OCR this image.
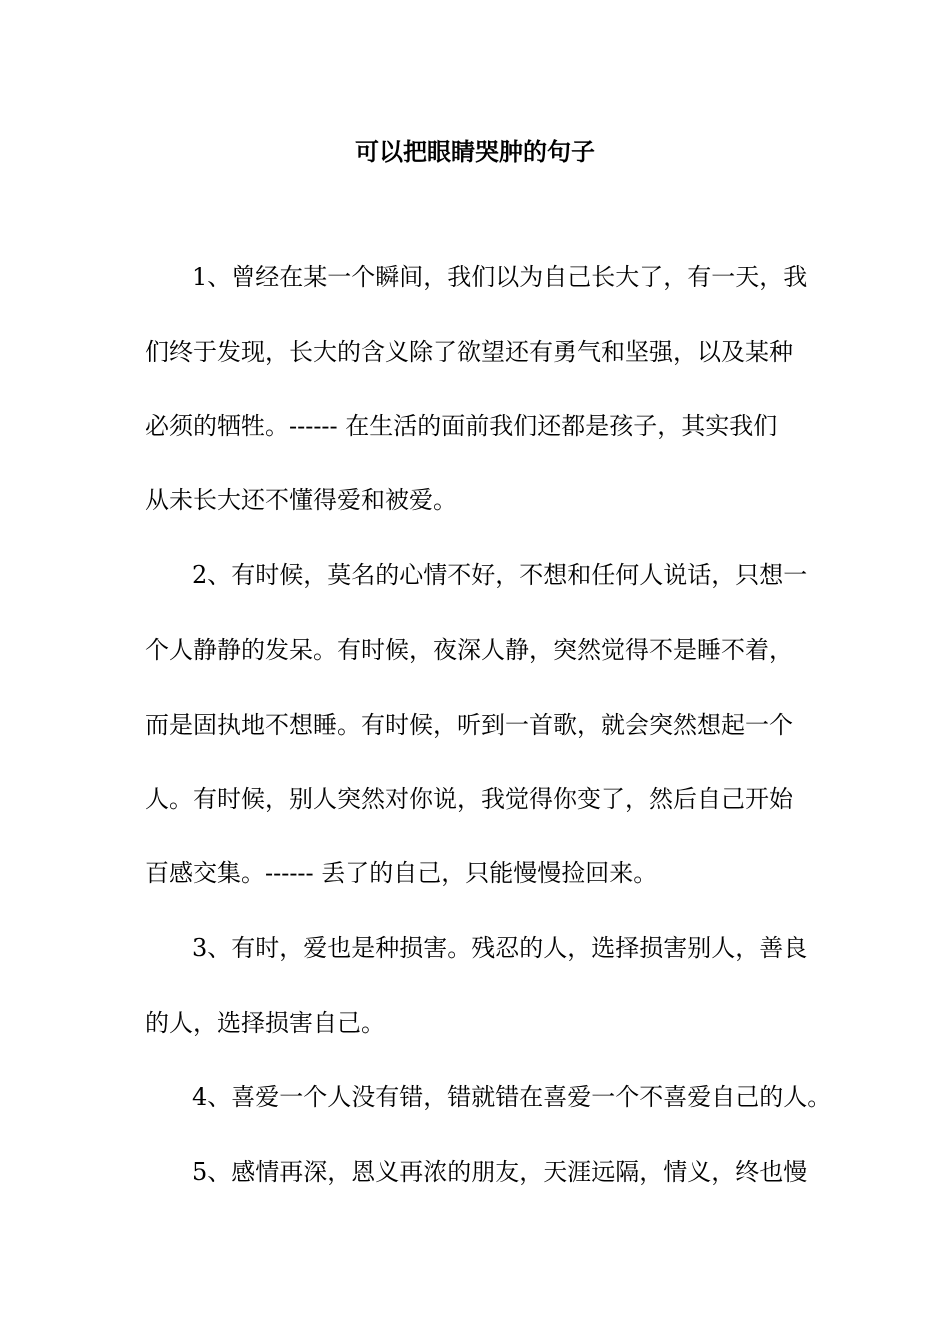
可以把眼睛哭肿的句子

1、曾经在某一个瞬间，我们以为自己长大了，有一天，我

们终于发现，长大的含义除了欲望还有勇气和坚强，以及某种

必须的牺牲。------ 在生活的面前我们还都是孩子，其实我们

从未长大还不懂得爱和被爱。

2、有时候，莫名的心情不好，不想和任何人说话，只想一

个人静静的发呆。有时候，夜深人静，突然觉得不是睡不着，

而是固执地不想睡。有时候，听到一首歌，就会突然想起一个

人。有时候，别人突然对你说，我觉得你变了，然后自己开始

百感交集。------ 丢了的自己，只能慢慢捡回来。

3、有时，爱也是种损害。残忍的人，选择损害别人，善良

的人，选择损害自己。

4、喜爱一个人没有错，错就错在喜爱一个不喜爱自己的人。

5、感情再深，恩义再浓的朋友，天涯远隔，情义，终也慢
